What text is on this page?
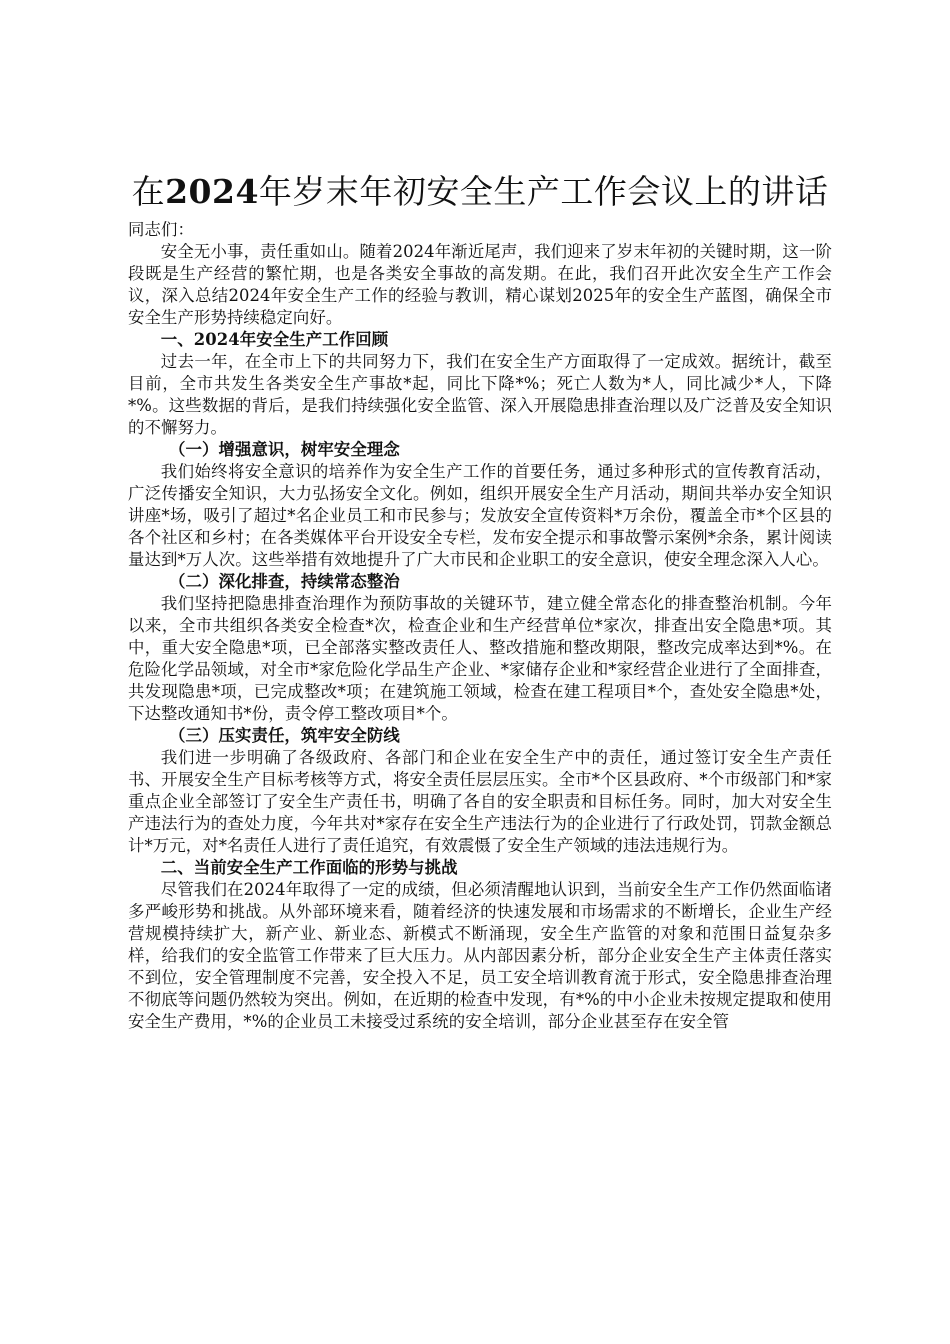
在2024年岁末年初安全生产工作会议上的讲话

同志们：

安全无小事，责任重如山。随着2024年渐近尾声，我们迎来了岁末年初的关键时期，这一阶段既是生产经营的繁忙期，也是各类安全事故的高发期。在此，我们召开此次安全生产工作会议，深入总结2024年安全生产工作的经验与教训，精心谋划2025年的安全生产蓝图，确保全市安全生产形势持续稳定向好。

一、2024年安全生产工作回顾

过去一年，在全市上下的共同努力下，我们在安全生产方面取得了一定成效。据统计，截至目前，全市共发生各类安全生产事故*起，同比下降*%；死亡人数为*人，同比减少*人，下降*%。这些数据的背后，是我们持续强化安全监管、深入开展隐患排查治理以及广泛普及安全知识的不懈努力。

（一）增强意识，树牢安全理念

我们始终将安全意识的培养作为安全生产工作的首要任务，通过多种形式的宣传教育活动，广泛传播安全知识，大力弘扬安全文化。例如，组织开展安全生产月活动，期间共举办安全知识讲座*场，吸引了超过*名企业员工和市民参与；发放安全宣传资料*万余份，覆盖全市*个区县的各个社区和乡村；在各类媒体平台开设安全专栏，发布安全提示和事故警示案例*余条，累计阅读量达到*万人次。这些举措有效地提升了广大市民和企业职工的安全意识，使安全理念深入人心。

（二）深化排查，持续常态整治

我们坚持把隐患排查治理作为预防事故的关键环节，建立健全常态化的排查整治机制。今年以来，全市共组织各类安全检查*次，检查企业和生产经营单位*家次，排查出安全隐患*项。其中，重大安全隐患*项，已全部落实整改责任人、整改措施和整改期限，整改完成率达到*%。在危险化学品领域，对全市*家危险化学品生产企业、*家储存企业和*家经营企业进行了全面排查，共发现隐患*项，已完成整改*项；在建筑施工领域，检查在建工程项目*个，查处安全隐患*处，下达整改通知书*份，责令停工整改项目*个。

（三）压实责任，筑牢安全防线

我们进一步明确了各级政府、各部门和企业在安全生产中的责任，通过签订安全生产责任书、开展安全生产目标考核等方式，将安全责任层层压实。全市*个区县政府、*个市级部门和*家重点企业全部签订了安全生产责任书，明确了各自的安全职责和目标任务。同时，加大对安全生产违法行为的查处力度，今年共对*家存在安全生产违法行为的企业进行了行政处罚，罚款金额总计*万元，对*名责任人进行了责任追究，有效震慑了安全生产领域的违法违规行为。

二、当前安全生产工作面临的形势与挑战

尽管我们在2024年取得了一定的成绩，但必须清醒地认识到，当前安全生产工作仍然面临诸多严峻形势和挑战。从外部环境来看，随着经济的快速发展和市场需求的不断增长，企业生产经营规模持续扩大，新产业、新业态、新模式不断涌现，安全生产监管的对象和范围日益复杂多样，给我们的安全监管工作带来了巨大压力。从内部因素分析，部分企业安全生产主体责任落实不到位，安全管理制度不完善，安全投入不足，员工安全培训教育流于形式，安全隐患排查治理不彻底等问题仍然较为突出。例如，在近期的检查中发现，有*%的中小企业未按规定提取和使用安全生产费用，*%的企业员工未接受过系统的安全培训，部分企业甚至存在安全管
